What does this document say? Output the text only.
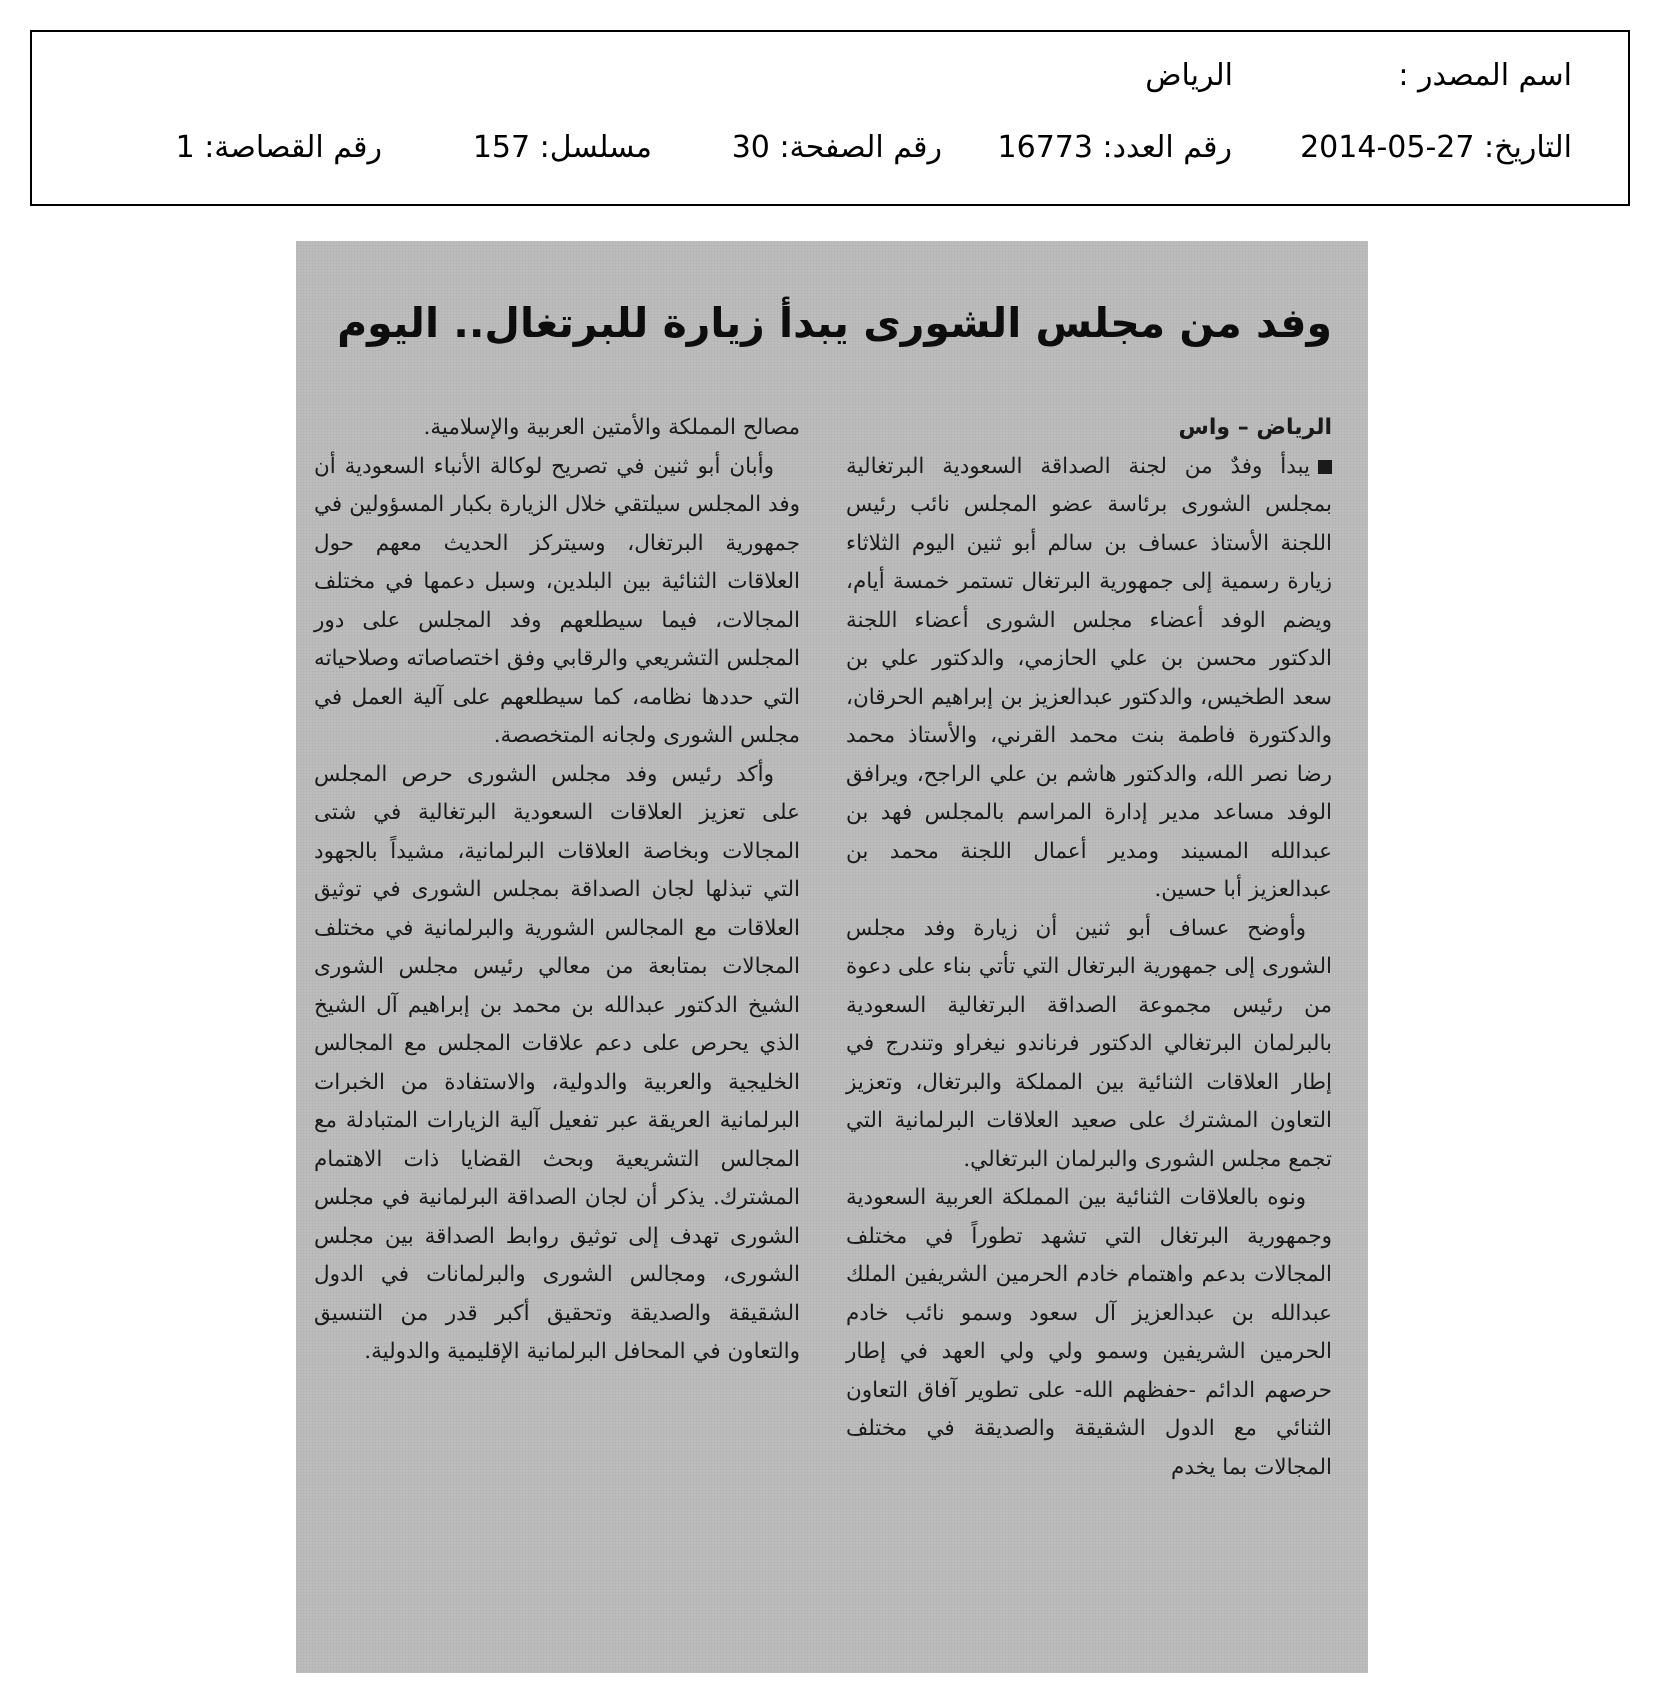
اسم المصدر :
الرياض
التاريخ: 27-05-2014
رقم العدد: 16773
رقم الصفحة: 30
مسلسل: 157
رقم القصاصة: 1
وفد من مجلس الشورى يبدأ زيارة للبرتغال.. اليوم

الرياض – واس

يبدأ وفدٌ من لجنة الصداقة السعودية البرتغالية بمجلس الشورى برئاسة عضو المجلس نائب رئيس اللجنة الأستاذ عساف بن سالم أبو ثنين اليوم الثلاثاء زيارة رسمية إلى جمهورية البرتغال تستمر خمسة أيام، ويضم الوفد أعضاء مجلس الشورى أعضاء اللجنة الدكتور محسن بن علي الحازمي، والدكتور علي بن سعد الطخيس، والدكتور عبدالعزيز بن إبراهيم الحرقان، والدكتورة فاطمة بنت محمد القرني، والأستاذ محمد رضا نصر الله، والدكتور هاشم بن علي الراجح، ويرافق الوفد مساعد مدير إدارة المراسم بالمجلس فهد بن عبدالله المسيند ومدير أعمال اللجنة محمد بن عبدالعزيز أبا حسين.

وأوضح عساف أبو ثنين أن زيارة وفد مجلس الشورى إلى جمهورية البرتغال التي تأتي بناء على دعوة من رئيس مجموعة الصداقة البرتغالية السعودية بالبرلمان البرتغالي الدكتور فرناندو نيغراو وتندرج في إطار العلاقات الثنائية بين المملكة والبرتغال، وتعزيز التعاون المشترك على صعيد العلاقات البرلمانية التي تجمع مجلس الشورى والبرلمان البرتغالي.

ونوه بالعلاقات الثنائية بين المملكة العربية السعودية وجمهورية البرتغال التي تشهد تطوراً في مختلف المجالات بدعم واهتمام خادم الحرمين الشريفين الملك عبدالله بن عبدالعزيز آل سعود وسمو نائب خادم الحرمين الشريفين وسمو ولي ولي العهد في إطار حرصهم الدائم -حفظهم الله- على تطوير آفاق التعاون الثنائي مع الدول الشقيقة والصديقة في مختلف المجالات بما يخدم

مصالح المملكة والأمتين العربية والإسلامية.

وأبان أبو ثنين في تصريح لوكالة الأنباء السعودية أن وفد المجلس سيلتقي خلال الزيارة بكبار المسؤولين في جمهورية البرتغال، وسيتركز الحديث معهم حول العلاقات الثنائية بين البلدين، وسبل دعمها في مختلف المجالات، فيما سيطلعهم وفد المجلس على دور المجلس التشريعي والرقابي وفق اختصاصاته وصلاحياته التي حددها نظامه، كما سيطلعهم على آلية العمل في مجلس الشورى ولجانه المتخصصة.

وأكد رئيس وفد مجلس الشورى حرص المجلس على تعزيز العلاقات السعودية البرتغالية في شتى المجالات وبخاصة العلاقات البرلمانية، مشيداً بالجهود التي تبذلها لجان الصداقة بمجلس الشورى في توثيق العلاقات مع المجالس الشورية والبرلمانية في مختلف المجالات بمتابعة من معالي رئيس مجلس الشورى الشيخ الدكتور عبدالله بن محمد بن إبراهيم آل الشيخ الذي يحرص على دعم علاقات المجلس مع المجالس الخليجية والعربية والدولية، والاستفادة من الخبرات البرلمانية العريقة عبر تفعيل آلية الزيارات المتبادلة مع المجالس التشريعية وبحث القضايا ذات الاهتمام المشترك. يذكر أن لجان الصداقة البرلمانية في مجلس الشورى تهدف إلى توثيق روابط الصداقة بين مجلس الشورى، ومجالس الشورى والبرلمانات في الدول الشقيقة والصديقة وتحقيق أكبر قدر من التنسيق والتعاون في المحافل البرلمانية الإقليمية والدولية.
